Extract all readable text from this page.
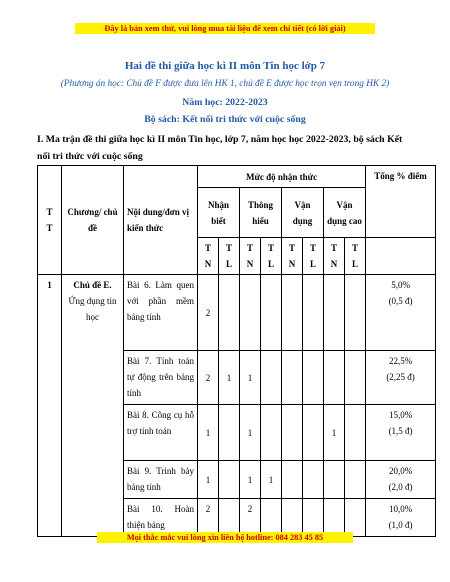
Đây là bản xem thử, vui lòng mua tài liệu để xem chi tiết (có lời giải)
Hai đề thi giữa học kì II môn Tin học lớp 7
(Phương án học: Chủ đề F được đưa lên HK 1, chủ đề E được học trọn vẹn trong HK 2)
Năm học: 2022-2023
Bộ sách: Kết nối tri thức với cuộc sống
I. Ma trận đề thi giữa học kì II môn Tin học, lớp 7, năm học học 2022-2023, bộ sách Kết nối tri thức với cuộc sống
T
T	Chương/ chủ đề	Nội dung/đơn vị kiến thức	Mức độ nhận thức								Tổng % điểm
			Nhận biết		Thông hiểu		Vận dụng		Vận dụng cao		
			T N	T L	T N	T L	T N	T L	T N	T L	
1	Chủ đề E. Ứng dụng tin học	Bài 6. Làm quen với phần mềm bảng tính	2								5,0%
(0,5 đ)
		Bài 7. Tính toán tự động trên bảng tính	2	1	1						22,5%
(2,25 đ)
		Bài 8. Công cụ hỗ trợ tính toán	1		1				1		15,0%
(1,5 đ)
		Bài 9. Trình bày bảng tính	1		1	1					20,0%
(2,0 đ)
		Bài 10. Hoàn thiện bảng	2		2						10,0%
(1,0 đ)
Mọi thắc mắc vui lòng xin liên hệ hotline: 084 283 45 85
